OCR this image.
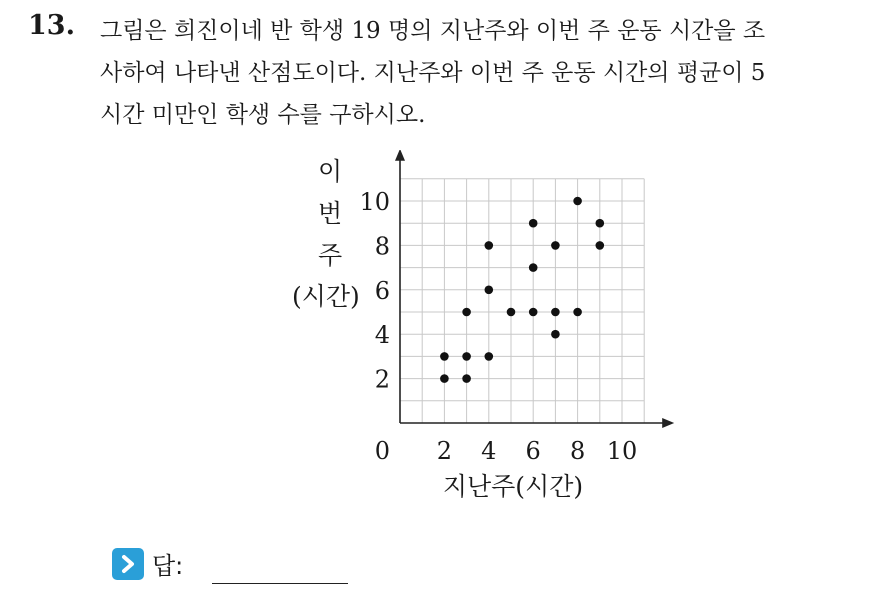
13. 그림은 희진이네 반 학생 19 명의 지난주와 이번 주 운동 시간을 조
사하여 나타낸 산점도이다. 지난주와 이번 주 운동 시간의 평균이 5
시간 미만인 학생 수를 구하시오.
이
번
주
(시간)
2 4 6 8 10
2
4
6
8
10
0
지난주(시간)
답:
